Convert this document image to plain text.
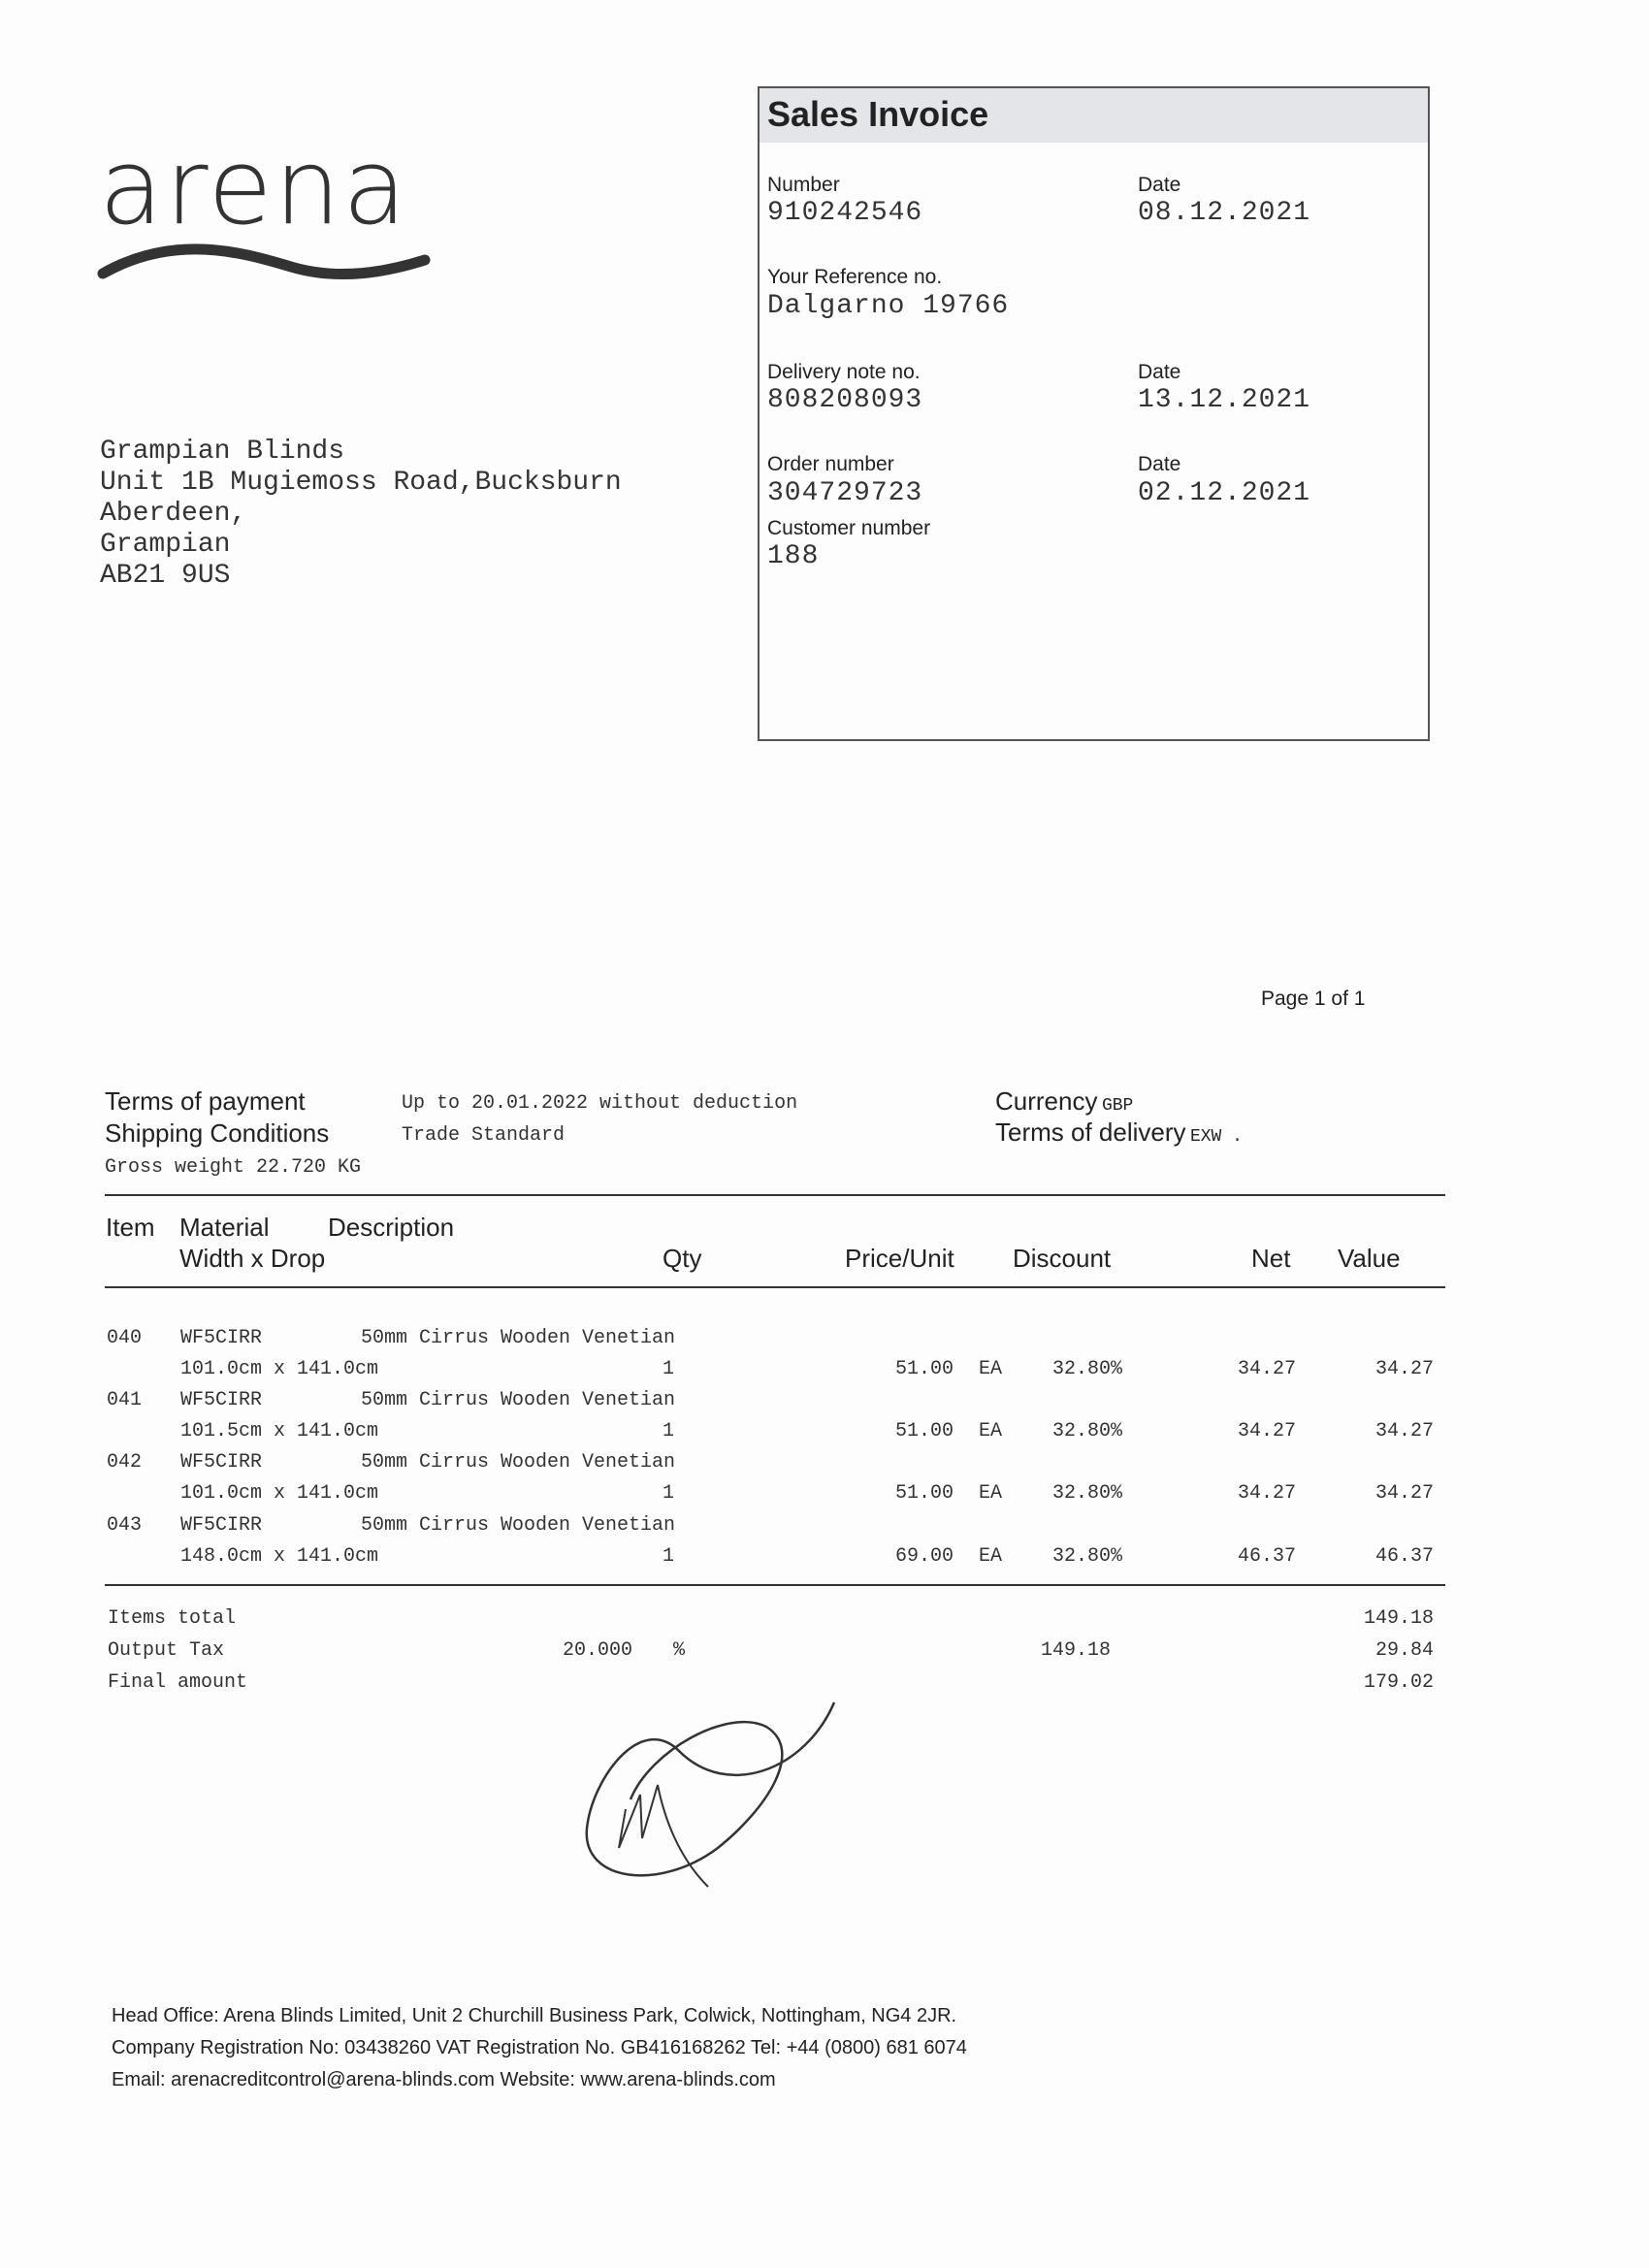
arena
Sales Invoice
Number
910242546
Date
08.12.2021
Your Reference no.
Dalgarno 19766
Delivery note no.
808208093
Date
13.12.2021
Order number
304729723
Date
02.12.2021
Customer number
188
Grampian Blinds
Unit 1B Mugiemoss Road,Bucksburn
Aberdeen,
Grampian
AB21 9US
Page 1 of 1
Terms of payment	Up to 20.01.2022 without deduction
Shipping Conditions	Trade Standard
Gross weight 22.720 KG
Currency GBP
Terms of delivery EXW .
Item Material Description
Width x Drop	Qty	Price/Unit Discount	Net Value
040 WF5CIRR	50mm Cirrus Wooden Venetian
101.0cm x 141.0cm	1	51.00 EA	32.80%	34.27	34.27
041 WF5CIRR	50mm Cirrus Wooden Venetian
101.5cm x 141.0cm	1	51.00 EA	32.80%	34.27	34.27
042 WF5CIRR	50mm Cirrus Wooden Venetian
101.0cm x 141.0cm	1	51.00 EA	32.80%	34.27	34.27
043 WF5CIRR	50mm Cirrus Wooden Venetian
148.0cm x 141.0cm	1	69.00 EA	32.80%	46.37	46.37
Items total	149.18
Output Tax	20.000 %	149.18	29.84
Final amount	179.02
Head Office: Arena Blinds Limited, Unit 2 Churchill Business Park, Colwick, Nottingham, NG4 2JR.
Company Registration No: 03438260 VAT Registration No. GB416168262 Tel: +44 (0800) 681 6074
Email: arenacreditcontrol@arena-blinds.com Website: www.arena-blinds.com
